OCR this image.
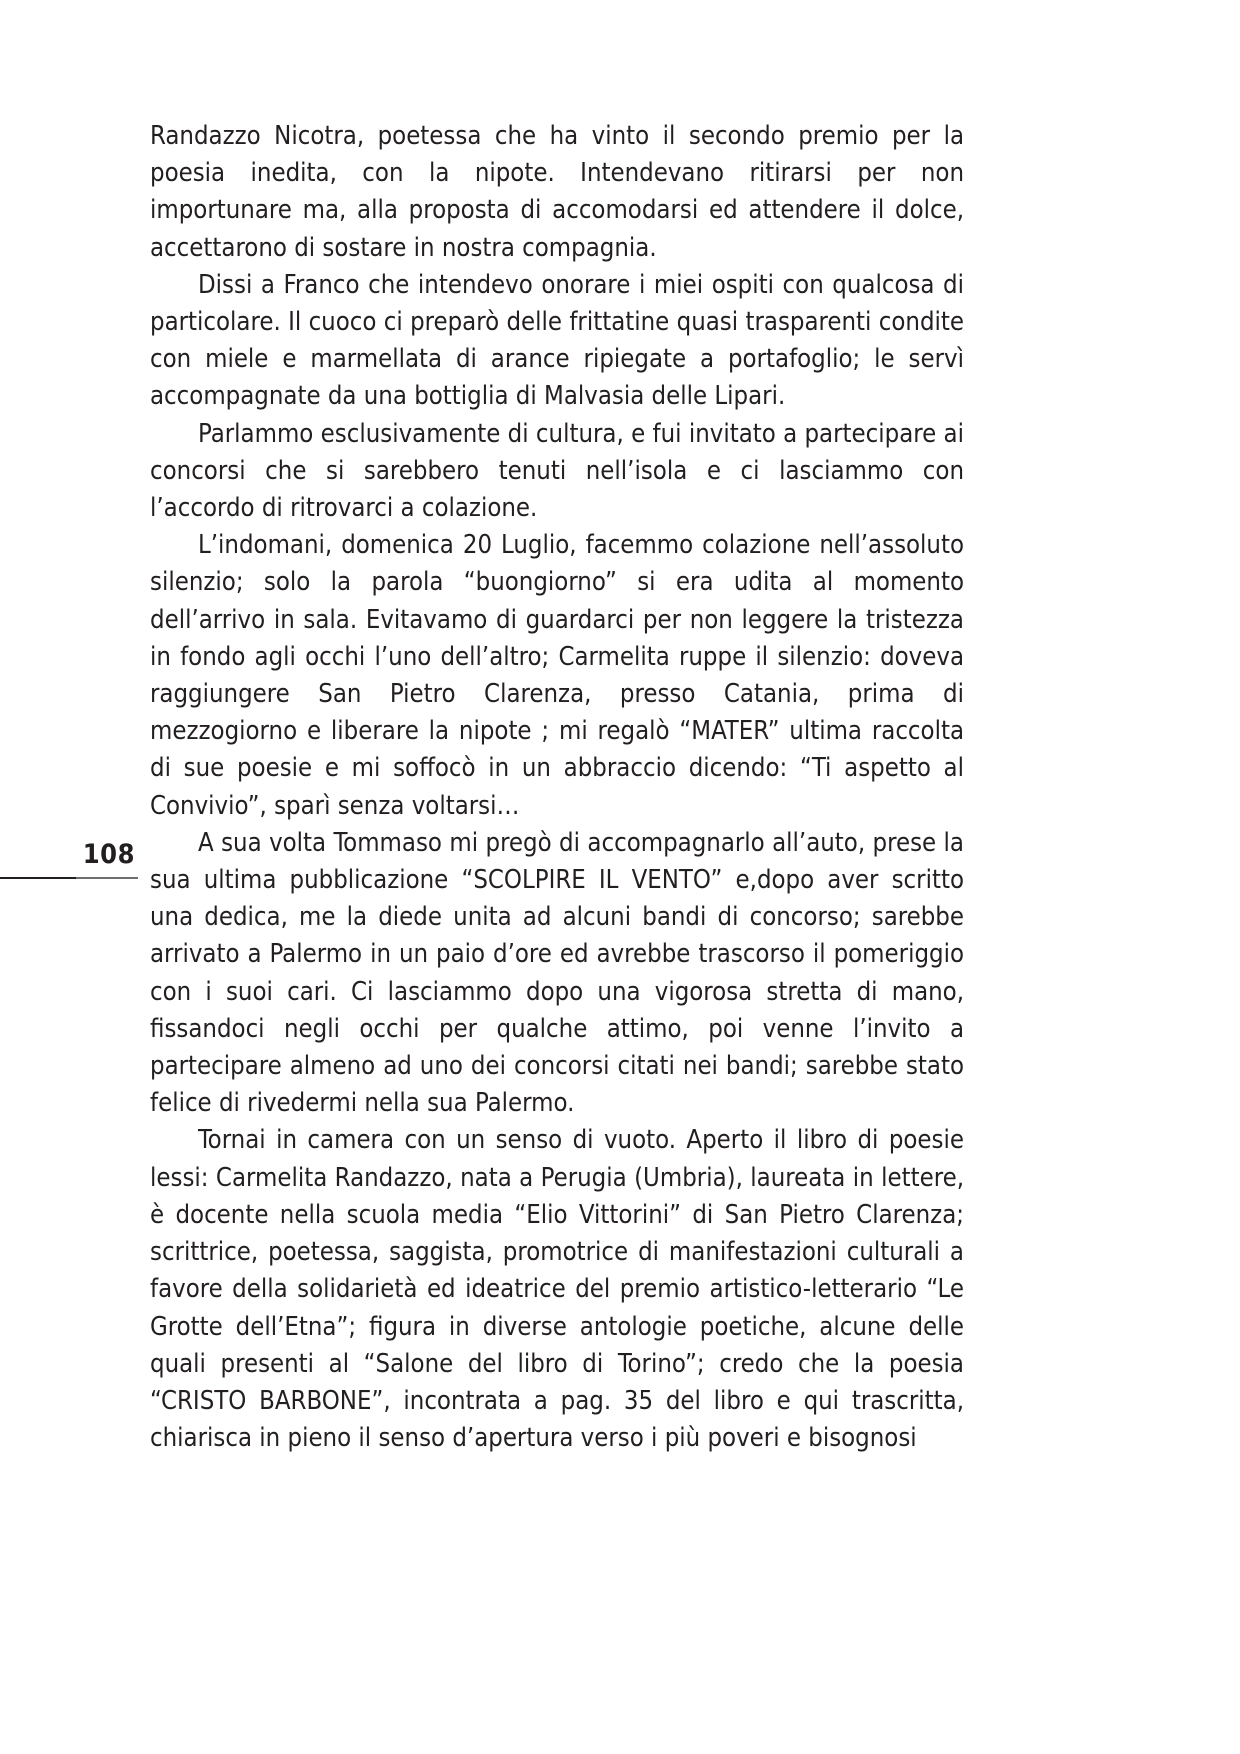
108

Randazzo Nicotra, poetessa che ha vinto il secondo premio per la poesia inedita, con la nipote. Intendevano ritirarsi per non importunare ma, alla proposta di accomodarsi ed attendere il dolce, accettarono di sostare in nostra compagnia.

Dissi a Franco che intendevo onorare i miei ospiti con qualcosa di particolare. Il cuoco ci preparò delle frittatine quasi trasparenti condite con miele e marmellata di arance ripiegate a portafoglio; le servì accompagnate da una bottiglia di Malvasia delle Lipari.

Parlammo esclusivamente di cultura, e fui invitato a partecipare ai concorsi che si sarebbero tenuti nell’isola e ci lasciammo con l’accordo di ritrovarci a colazione.

L’indomani, domenica 20 Luglio, facemmo colazione nell’assoluto silenzio; solo la parola “buongiorno” si era udita al momento dell’arrivo in sala. Evitavamo di guardarci per non leggere la tristezza in fondo agli occhi l’uno dell’altro; Carmelita ruppe il silenzio: doveva raggiungere San Pietro Clarenza, presso Catania, prima di mezzogiorno e liberare la nipote ; mi regalò “MATER” ultima raccolta di sue poesie e mi soffocò in un abbraccio dicendo: “Ti aspetto al Convivio”, sparì senza voltarsi…

A sua volta Tommaso mi pregò di accompagnarlo all’auto, prese la sua ultima pubblicazione “SCOLPIRE IL VENTO” e,dopo aver scritto una dedica, me la diede unita ad alcuni bandi di concorso; sarebbe arrivato a Palermo in un paio d’ore ed avrebbe trascorso il pomeriggio con i suoi cari. Ci lasciammo dopo una vigorosa stretta di mano, fissandoci negli occhi per qualche attimo, poi venne l’invito a partecipare almeno ad uno dei concorsi citati nei bandi; sarebbe stato felice di rivedermi nella sua Palermo.

Tornai in camera con un senso di vuoto. Aperto il libro di poesie lessi: Carmelita Randazzo, nata a Perugia (Umbria), laureata in lettere, è docente nella scuola media “Elio Vittorini” di San Pietro Clarenza; scrittrice, poetessa, saggista, promotrice di manifestazioni culturali a favore della solidarietà ed ideatrice del premio artistico-letterario “Le Grotte dell’Etna”; figura in diverse antologie poetiche, alcune delle quali presenti al “Salone del libro di Torino”; credo che la poesia “CRISTO BARBONE”, incontrata a pag. 35 del libro e qui trascritta, chiarisca in pieno il senso d’apertura verso i più poveri e bisognosi
